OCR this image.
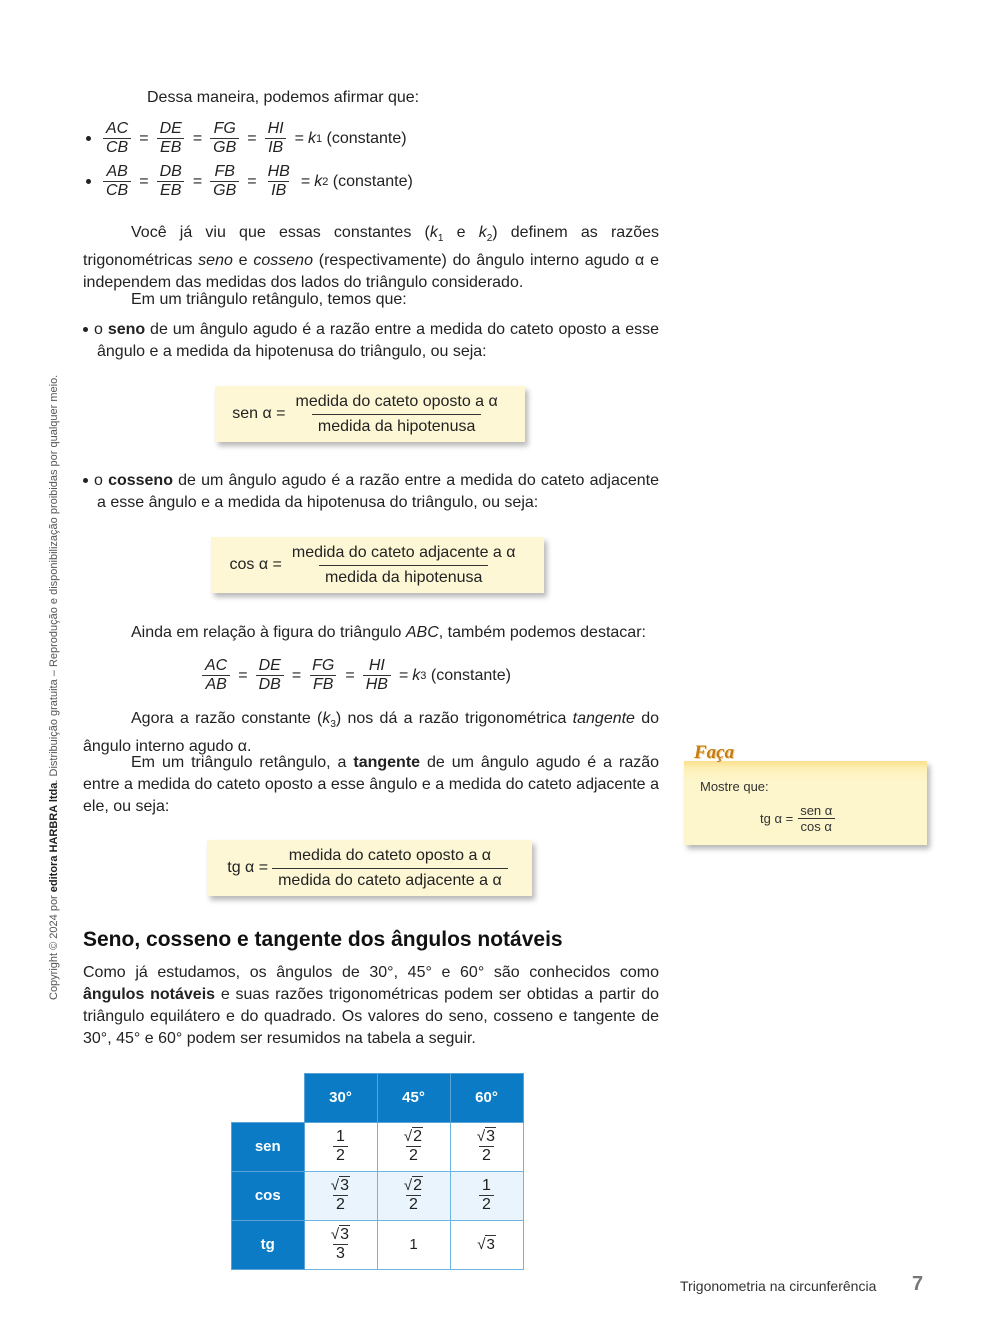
Copyright © 2024 por editora HARBRA ltda. Distribuição gratuita – Reprodução e disponibilização proibidas por qualquer meio.
Dessa maneira, podemos afirmar que:
$\frac{AC}{CB} = \frac{DE}{EB} = \frac{FG}{GB} = \frac{HI}{IB} = k$ 1
(constante)
$\frac{AB}{CB} = \frac{DB}{EB} = \frac{FB}{GB} = \frac{HB}{IB} = k$ 2
(constante)
Você já viu que essas constantes ($k_1$ e $k_2$) definem as razões trigonométricas seno e cosseno (respectivamente) do ângulo interno agudo α e independem das medidas dos lados do triângulo considerado.
Em um triângulo retângulo, temos que:
o seno de um ângulo agudo é a razão entre a medida do cateto oposto a esse ângulo e a medida da hipotenusa do triângulo, ou seja:
sen $\alpha = \frac{\text{medida do cateto oposto a α}}{\text{medida da hipotenusa}}$
o cosseno de um ângulo agudo é a razão entre a medida do cateto adjacente a esse ângulo e a medida da hipotenusa do triângulo, ou seja:
$\cos \alpha = \frac{\text{medida do cateto adjacente a α}}{\text{medida da hipotenusa}}$
Ainda em relação à figura do triângulo ABC, também podemos destacar:
$\frac{AC}{AB} = \frac{DE}{DB} = \frac{FG}{FB} = \frac{HI}{HB} = k$ 3
(constante)
Agora a razão constante $(k_3)$ nos dá a razão trigonométrica tangente do ângulo interno agudo α.
Em um triângulo retângulo, a tangente de um ângulo agudo é a razão entre a medida do cateto oposto a esse ângulo e a medida do cateto adjacente a ele, ou seja:
tg $\alpha = \frac{\text{medida do cateto oposto a α}}{\text{medida do cateto adjacente a α}}$
Mostre que:
tg $\alpha = \frac{\text{sen α}}{\text{cos α}}$
Faça
Seno, cosseno e tangente dos ângulos notáveis
Como já estudamos, os ângulos de 30°, 45° e 60° são conhecidos como ângulos notáveis e suas razões trigonométricas podem ser obtidas a partir do triângulo equilátero e do quadrado. Os valores do seno, cosseno e tangente de 30°, 45° e 60° podem ser resumidos na tabela a seguir.
	30°	45°	60°
sen	$\frac{1}{2}$	$\frac{√2}{2}$	$\frac{√3}{2}$

cos	$\frac{√3}{2}$	$\frac{√2}{2}$	$\frac{1}{2}$

tg	$\frac{√3}{3}$	1	√3
Trigonometria na circunferência 7
